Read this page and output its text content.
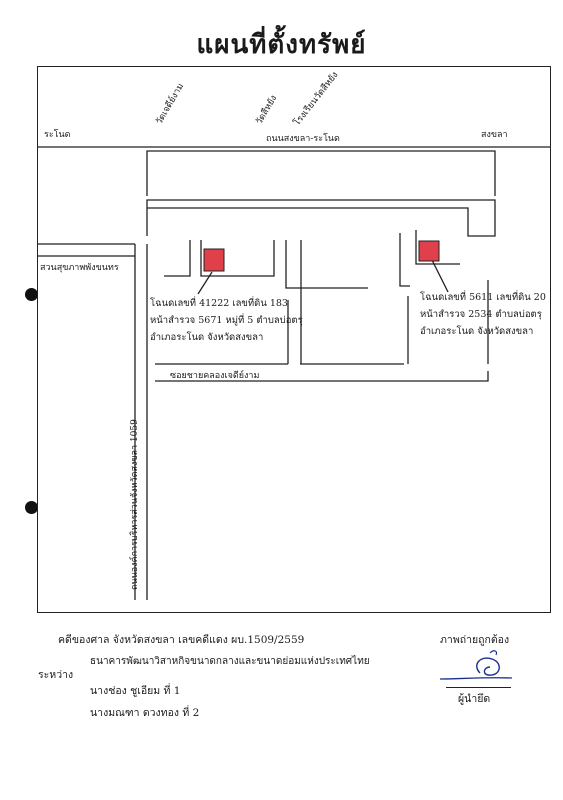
แผนที่ตั้งทรัพย์
ระโนด	สงขลา
ถนนสงขลา-ระโนด
วัดเจดีย์งาม	วัดสีหยัง โรงเรียนวัดสีหยัง
สวนสุขภาพพังขนทร
ซอยชายคลองเจดีย์งาม
ถนนองค์การบริหารส่วนจังหวัดสงขลา 1059
โฉนดเลขที่ 41222 เลขที่ดิน 183
หน้าสำรวจ 5671 หมู่ที่ 5 ตำบลบ่อตรุ
อำเภอระโนด จังหวัดสงขลา
โฉนดเลขที่ 5611 เลขที่ดิน 20
หน้าสำรวจ 2534 ตำบลบ่อตรุ
อำเภอระโนด จังหวัดสงขลา
คดีของศาล จังหวัดสงขลา เลขคดีแดง ผบ.1509/2559
ระหว่าง
ธนาคารพัฒนาวิสาหกิจขนาดกลางและขนาดย่อมแห่งประเทศไทย
นางช่อง ชูเอียม ที่ 1
นางมณฑา ดวงทอง ที่ 2
ภาพถ่ายถูกต้อง
ผู้นำยึด
